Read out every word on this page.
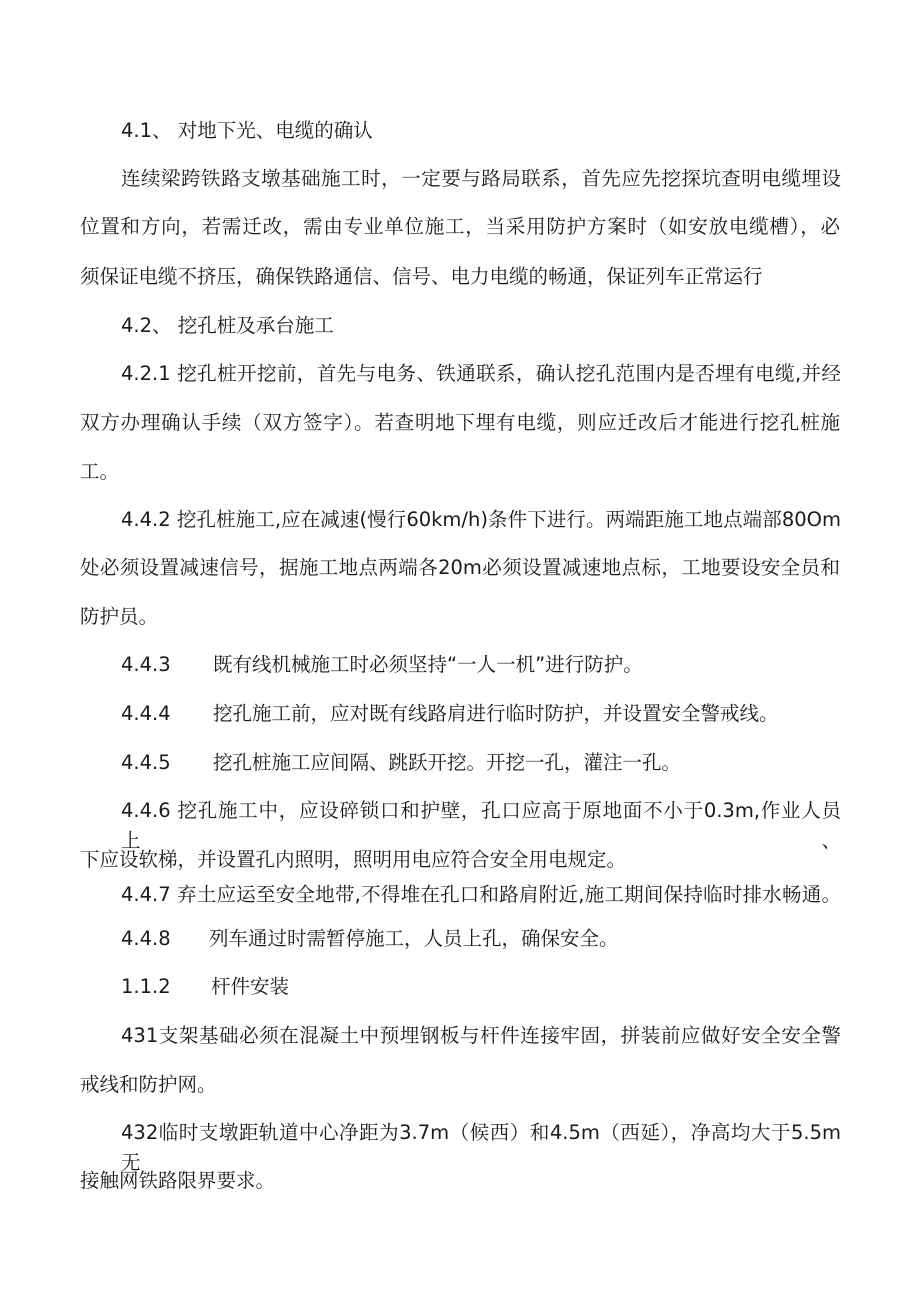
4.1、 对地下光、电缆的确认
连续梁跨铁路支墩基础施工时，一定要与路局联系，首先应先挖探坑查明电缆埋设
位置和方向，若需迁改，需由专业单位施工，当采用防护方案时（如安放电缆槽），必
须保证电缆不挤压，确保铁路通信、信号、电力电缆的畅通，保证列车正常运行
4.2、 挖孔桩及承台施工
4.2.1 挖孔桩开挖前，首先与电务、铁通联系，确认挖孔范围内是否埋有电缆,并经
双方办理确认手续（双方签字）。若查明地下埋有电缆，则应迁改后才能进行挖孔桩施
工。
4.4.2 挖孔桩施工,应在减速(慢行60km/h)条件下进行。两端距施工地点端部80Om
处必须设置减速信号，据施工地点两端各20m必须设置减速地点标，工地要设安全员和
防护员。
4.4.3 既有线机械施工时必须坚持“一人一机”进行防护。
4.4.4 挖孔施工前，应对既有线路肩进行临时防护，并设置安全警戒线。
4.4.5 挖孔桩施工应间隔、跳跃开挖。开挖一孔，灌注一孔。
4.4.6 挖孔施工中，应设碎锁口和护壁，孔口应高于原地面不小于0.3m,作业人员上、
下应设软梯，并设置孔内照明，照明用电应符合安全用电规定。
4.4.7 弃土应运至安全地带,不得堆在孔口和路肩附近,施工期间保持临时排水畅通。
4.4.8 列车通过时需暂停施工，人员上孔，确保安全。
1.1.2 杆件安装
431支架基础必须在混凝土中预埋钢板与杆件连接牢固，拼装前应做好安全安全警
戒线和防护网。
432临时支墩距轨道中心净距为3.7m（候西）和4.5m（西延），净高均大于5.5m无
接触网铁路限界要求。
